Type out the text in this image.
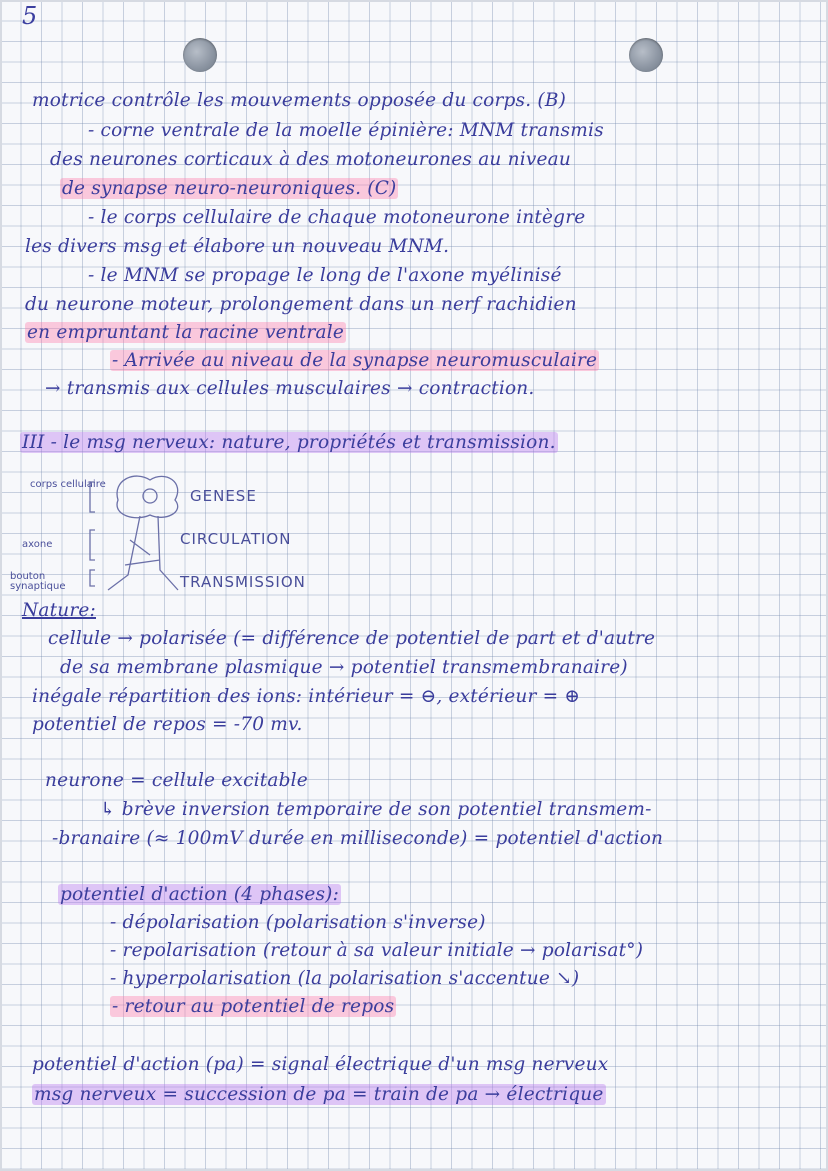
5
motrice contrôle les mouvements opposée du corps. (B)
- corne ventrale de la moelle épinière: MNM transmis
des neurones corticaux à des motoneurones au niveau
de synapse neuro-neuroniques. (C)
- le corps cellulaire de chaque motoneurone intègre
les divers msg et élabore un nouveau MNM.
- le MNM se propage le long de l'axone myélinisé
du neurone moteur, prolongement dans un nerf rachidien
en empruntant la racine ventrale
- Arrivée au niveau de la synapse neuromusculaire
→ transmis aux cellules musculaires → contraction.
III - le msg nerveux: nature, propriétés et transmission.
corps cellulaire
axone
bouton synaptique
GENESE
CIRCULATION
TRANSMISSION
Nature:
cellule → polarisée (= différence de potentiel de part et d'autre
de sa membrane plasmique → potentiel transmembranaire)
inégale répartition des ions: intérieur = ⊖, extérieur = ⊕
potentiel de repos = -70 mv.
neurone = cellule excitable
↳ brève inversion temporaire de son potentiel transmem-
-branaire (≈ 100mV durée en milliseconde) = potentiel d'action
potentiel d'action (4 phases):
- dépolarisation (polarisation s'inverse)
- repolarisation (retour à sa valeur initiale → polarisat°)
- hyperpolarisation (la polarisation s'accentue ↘)
- retour au potentiel de repos
potentiel d'action (pa) = signal électrique d'un msg nerveux
msg nerveux = succession de pa = train de pa → électrique
